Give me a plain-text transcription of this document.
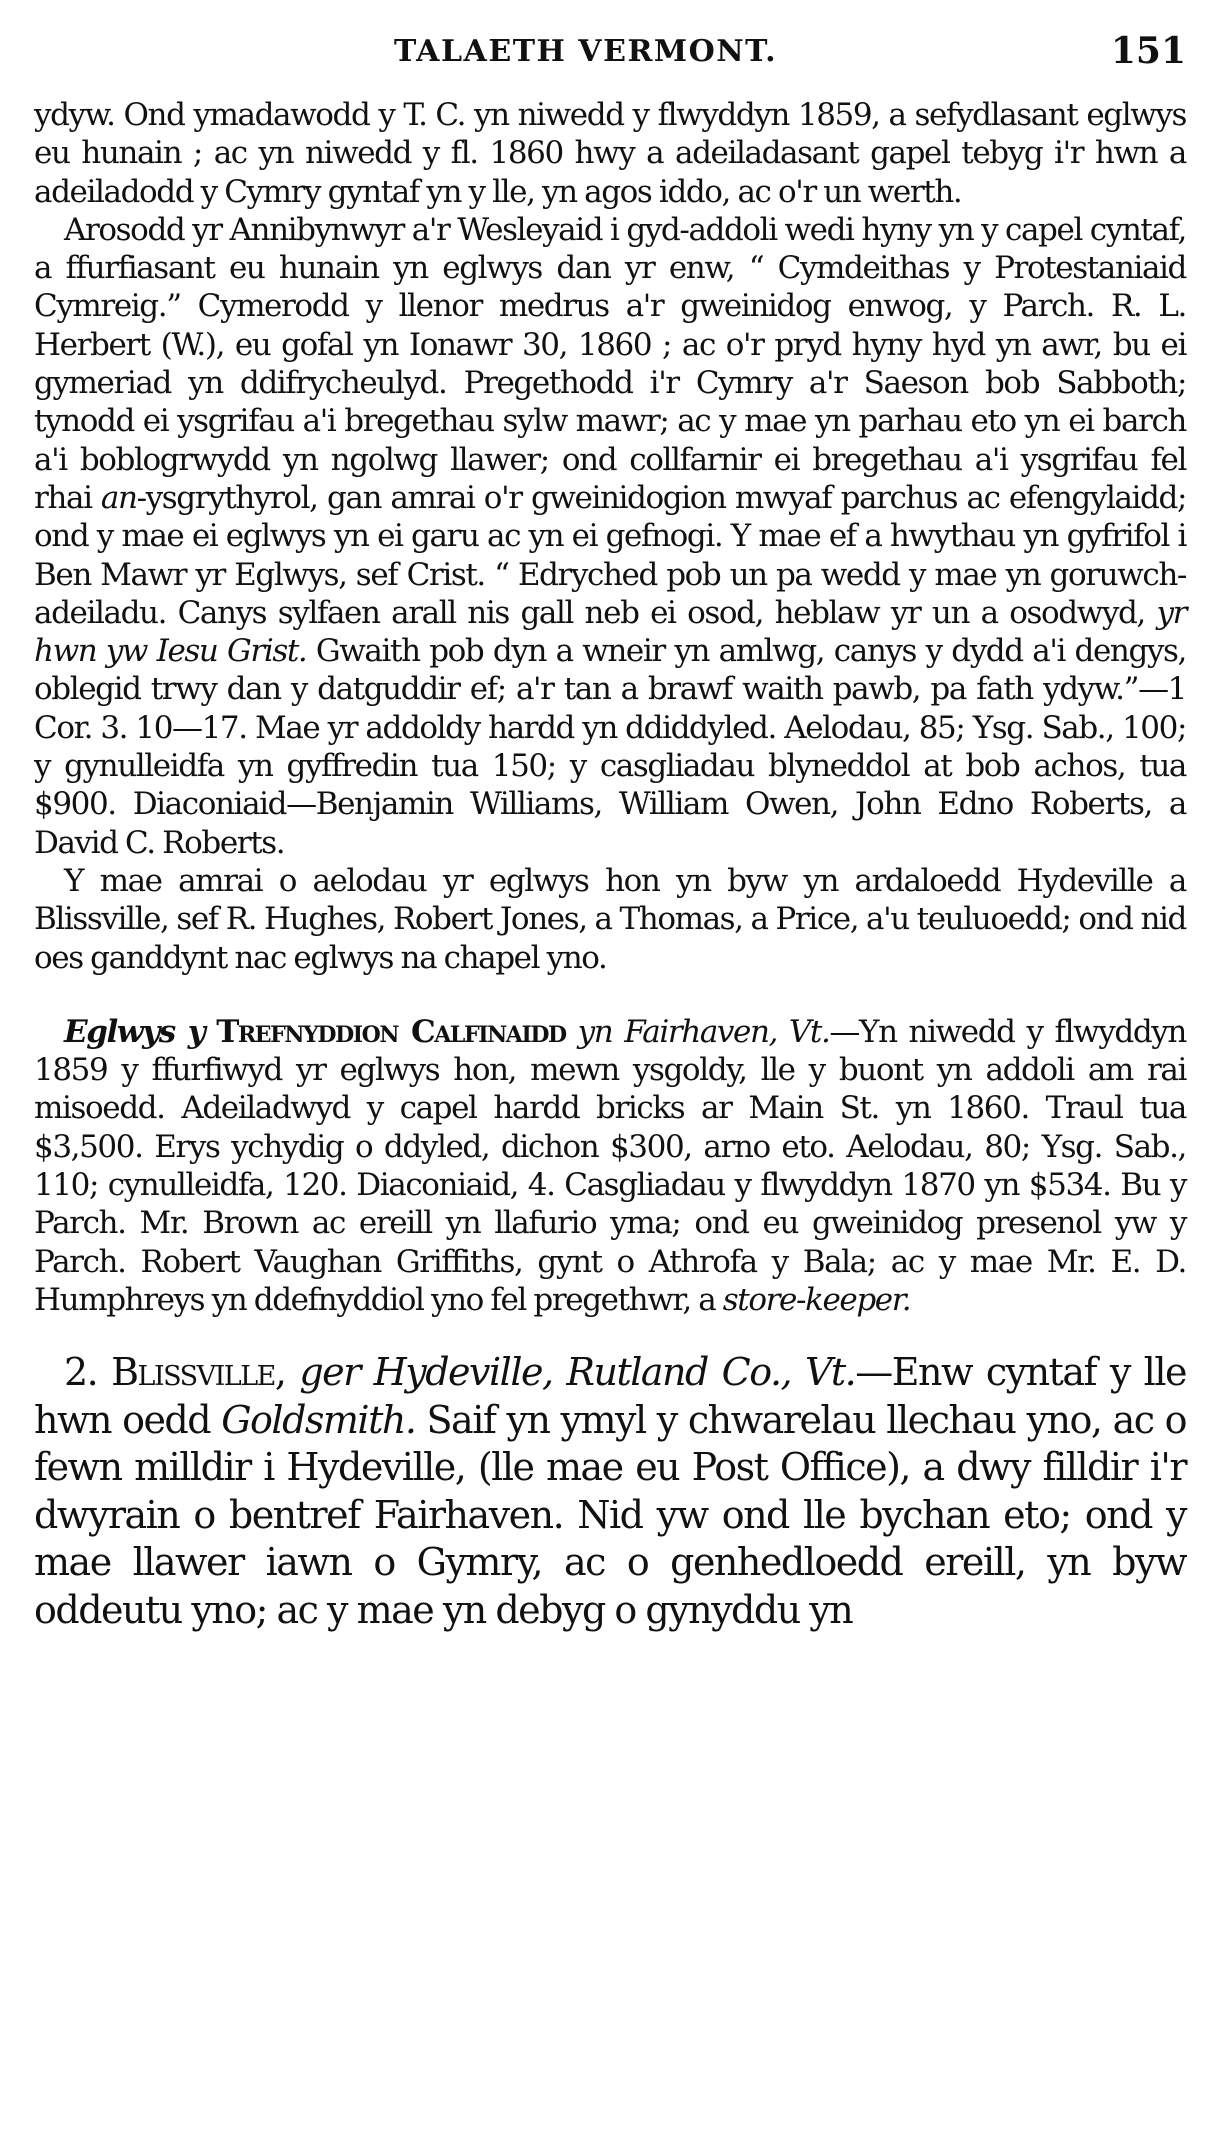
TALAETH VERMONT.	151

ydyw. Ond ymadawodd y T. C. yn niwedd y flwyddyn 1859, a sefydlasant eglwys eu hunain ; ac yn niwedd y fl. 1860 hwy a adeiladasant gapel tebyg i'r hwn a adeiladodd y Cymry gyntaf yn y lle, yn agos iddo, ac o'r un werth.

Arosodd yr Annibynwyr a'r Wesleyaid i gyd-addoli wedi hyny yn y capel cyntaf, a ffurfiasant eu hunain yn eglwys dan yr enw, “ Cymdeithas y Protestaniaid Cymreig.” Cymerodd y llenor medrus a'r gweinidog enwog, y Parch. R. L. Herbert (W.), eu gofal yn Ionawr 30, 1860 ; ac o'r pryd hyny hyd yn awr, bu ei gymeriad yn ddifrycheulyd. Pregethodd i'r Cymry a'r Saeson bob Sabboth; tynodd ei ysgrifau a'i bregethau sylw mawr; ac y mae yn parhau eto yn ei barch a'i boblogrwydd yn ngolwg llawer; ond collfarnir ei bregethau a'i ysgrifau fel rhai an-ysgrythyrol, gan amrai o'r gweinidogion mwyaf parchus ac efengylaidd; ond y mae ei eglwys yn ei garu ac yn ei gefnogi. Y mae ef a hwythau yn gyfrifol i Ben Mawr yr Eglwys, sef Crist. “ Edryched pob un pa wedd y mae yn goruwch-adeiladu. Canys sylfaen arall nis gall neb ei osod, heblaw yr un a osodwyd, yr hwn yw Iesu Grist. Gwaith pob dyn a wneir yn amlwg, canys y dydd a'i dengys, oblegid trwy dan y datguddir ef; a'r tan a brawf waith pawb, pa fath ydyw.”—1 Cor. 3. 10—17. Mae yr addoldy hardd yn ddiddyled. Aelodau, 85; Ysg. Sab., 100; y gynulleidfa yn gyffredin tua 150; y casgliadau blyneddol at bob achos, tua $900. Diaconiaid—Benjamin Williams, William Owen, John Edno Roberts, a David C. Roberts.

Y mae amrai o aelodau yr eglwys hon yn byw yn ardaloedd Hydeville a Blissville, sef R. Hughes, Robert Jones, a Thomas, a Price, a'u teuluoedd; ond nid oes ganddynt nac eglwys na chapel yno.

Eglwys y Trefnyddion Calfinaidd yn Fairhaven, Vt.—Yn niwedd y flwyddyn 1859 y ffurfiwyd yr eglwys hon, mewn ysgoldy, lle y buont yn addoli am rai misoedd. Adeiladwyd y capel hardd bricks ar Main St. yn 1860. Traul tua $3,500. Erys ychydig o ddyled, dichon $300, arno eto. Aelodau, 80; Ysg. Sab., 110; cynulleidfa, 120. Diaconiaid, 4. Casgliadau y flwyddyn 1870 yn $534. Bu y Parch. Mr. Brown ac ereill yn llafurio yma; ond eu gweinidog presenol yw y Parch. Robert Vaughan Griffiths, gynt o Athrofa y Bala; ac y mae Mr. E. D. Humphreys yn ddefnyddiol yno fel pregethwr, a store-keeper.

2. Blissville, ger Hydeville, Rutland Co., Vt.—Enw cyntaf y lle hwn oedd Goldsmith. Saif yn ymyl y chwarelau llechau yno, ac o fewn milldir i Hydeville, (lle mae eu Post Office), a dwy filldir i'r dwyrain o bentref Fairhaven. Nid yw ond lle bychan eto; ond y mae llawer iawn o Gymry, ac o genhedloedd ereill, yn byw oddeutu yno; ac y mae yn debyg o gynyddu yn
